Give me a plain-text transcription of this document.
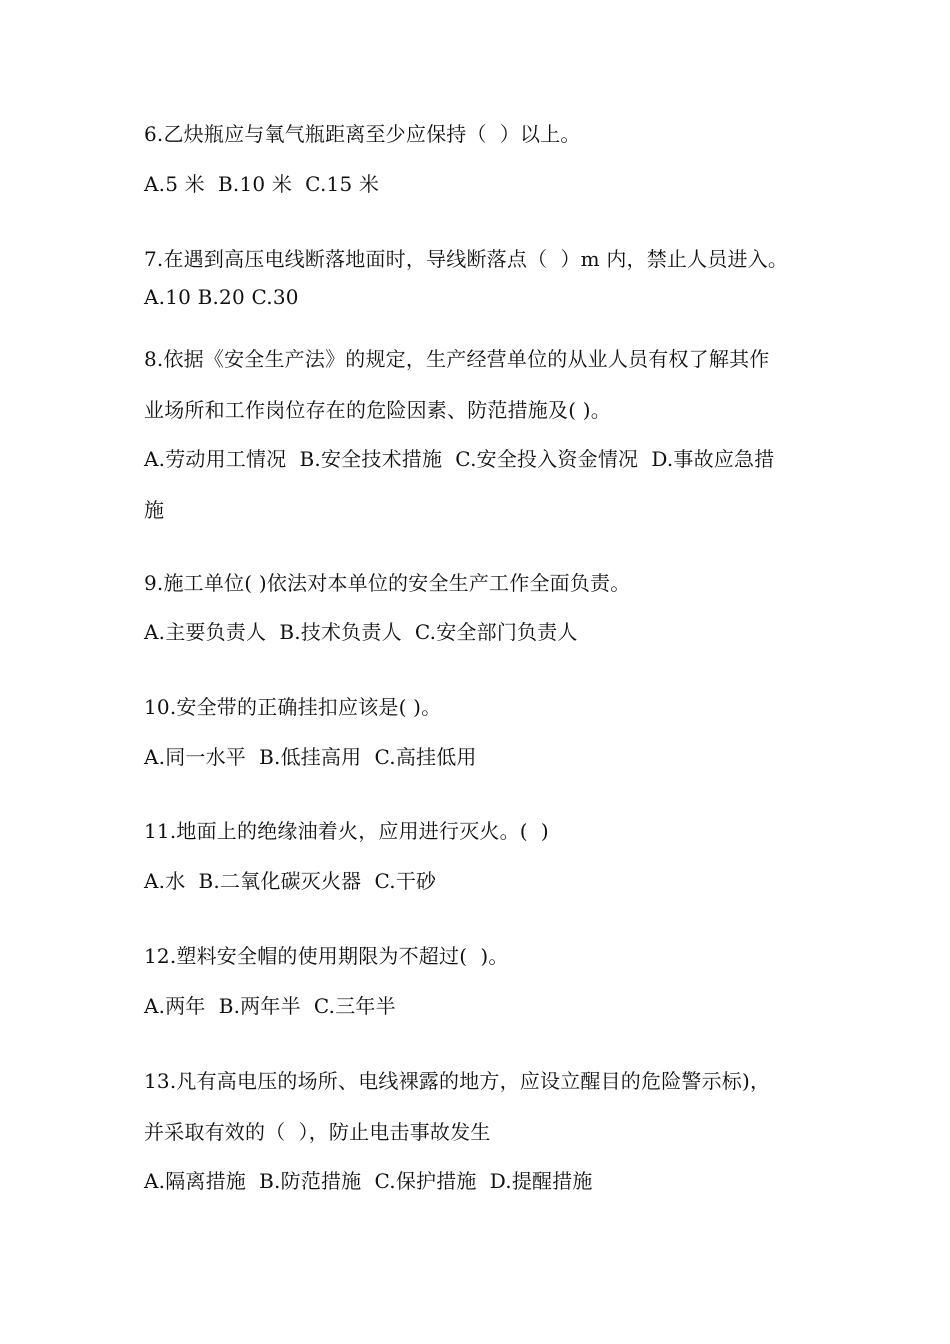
6.乙炔瓶应与氧气瓶距离至少应保持（  ）以上。
A.5 米  B.10 米  C.15 米
7.在遇到高压电线断落地面时，导线断落点（  ）m 内，禁止人员进入。
A.10 B.20 C.30
8.依据《安全生产法》的规定，生产经营单位的从业人员有权了解其作
业场所和工作岗位存在的危险因素、防范措施及( )。
A.劳动用工情况  B.安全技术措施  C.安全投入资金情况  D.事故应急措
施
9.施工单位( )依法对本单位的安全生产工作全面负责。
A.主要负责人  B.技术负责人  C.安全部门负责人
10.安全带的正确挂扣应该是( )。
A.同一水平  B.低挂高用  C.高挂低用
11.地面上的绝缘油着火，应用进行灭火。(  )
A.水  B.二氧化碳灭火器  C.干砂
12.塑料安全帽的使用期限为不超过(  )。
A.两年  B.两年半  C.三年半
13.凡有高电压的场所、电线裸露的地方，应设立醒目的危险警示标)，
并采取有效的（  ），防止电击事故发生
A.隔离措施  B.防范措施  C.保护措施  D.提醒措施
